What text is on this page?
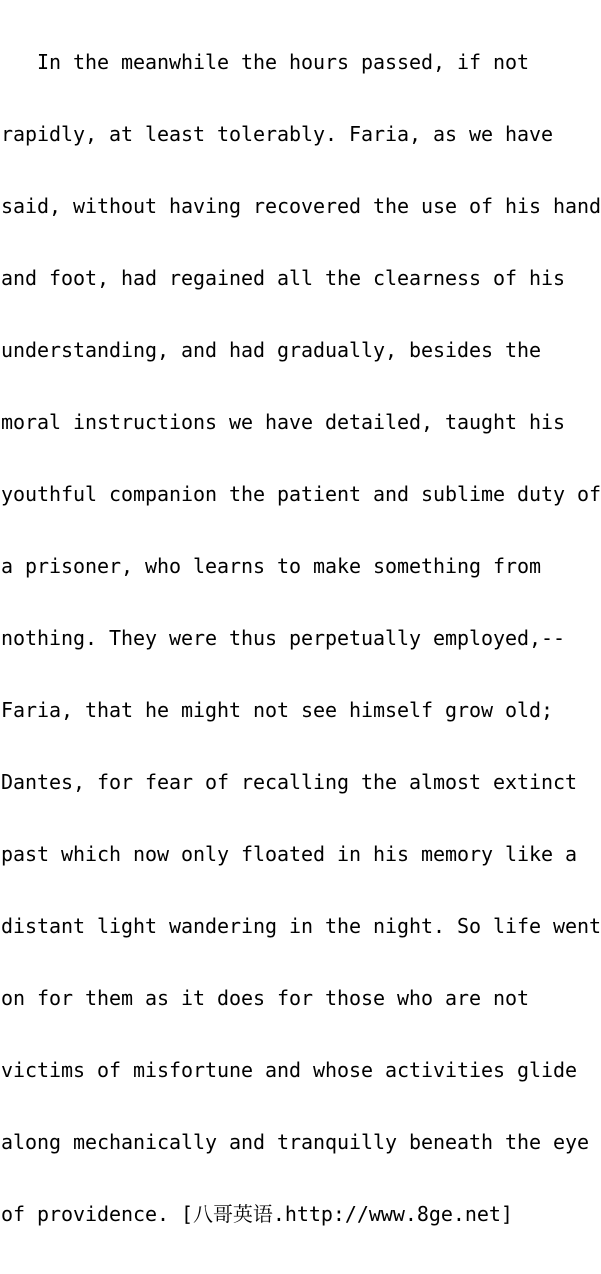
In the meanwhile the hours passed, if not

rapidly, at least tolerably. Faria, as we have

said, without having recovered the use of his hand

and foot, had regained all the clearness of his

understanding, and had gradually, besides the

moral instructions we have detailed, taught his

youthful companion the patient and sublime duty of

a prisoner, who learns to make something from

nothing. They were thus perpetually employed,--

Faria, that he might not see himself grow old;

Dantes, for fear of recalling the almost extinct

past which now only floated in his memory like a

distant light wandering in the night. So life went

on for them as it does for those who are not

victims of misfortune and whose activities glide

along mechanically and tranquilly beneath the eye

of providence. [八哥英语.http://www.8ge.net]
